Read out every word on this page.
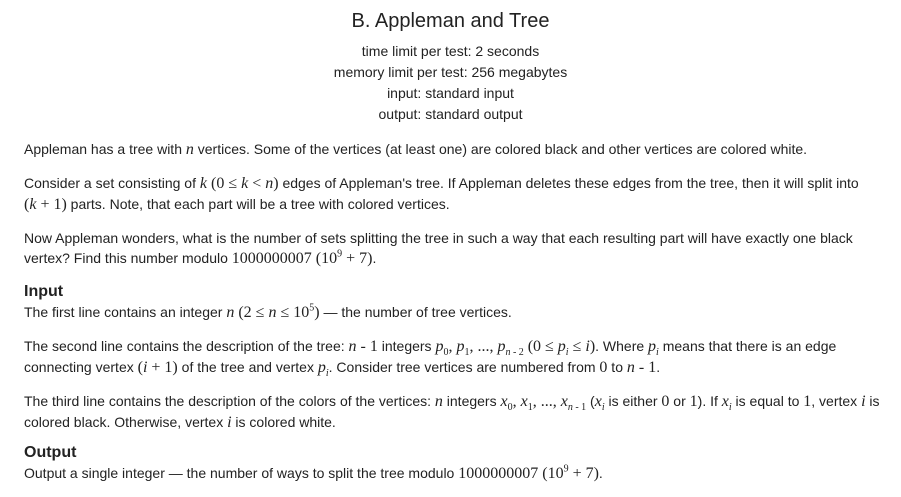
B. Appleman and Tree
time limit per test: 2 seconds
memory limit per test: 256 megabytes
input: standard input
output: standard output
Appleman has a tree with n vertices. Some of the vertices (at least one) are colored black and other vertices are colored white.
Consider a set consisting of k (0 ≤ k < n) edges of Appleman's tree. If Appleman deletes these edges from the tree, then it will split into (k + 1) parts. Note, that each part will be a tree with colored vertices.
Now Appleman wonders, what is the number of sets splitting the tree in such a way that each resulting part will have exactly one black vertex? Find this number modulo 1000000007 $(10^9 + 7)$.
Input
The first line contains an integer n $(2 \le n \le 10^5)$ — the number of tree vertices.
The second line contains the description of the tree: n - 1 integers $p_0$, $p_1$, ..., $p_{n - 2}$ $(0 \le p_i \le i)$. Where $p_i$ means that there is an edge connecting vertex (i + 1) of the tree and vertex $p_i$. Consider tree vertices are numbered from 0 to n - 1.
The third line contains the description of the colors of the vertices: n integers $x_0$, $x_1$, ..., $x_{n - 1}$ ($x_i$ is either 0 or 1). If $x_i$ is equal to 1, vertex i is colored black. Otherwise, vertex i is colored white.
Output
Output a single integer — the number of ways to split the tree modulo 1000000007 $(10^9 + 7)$.
